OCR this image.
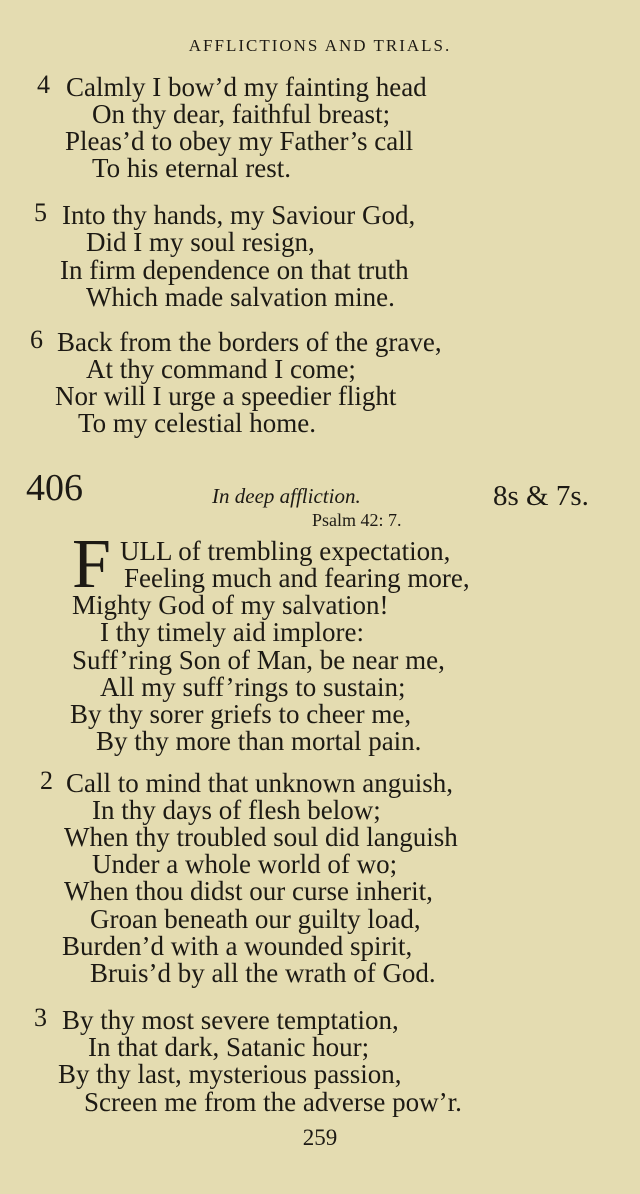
AFFLICTIONS AND TRIALS.
4 Calmly I bow’d my fainting head
On thy dear, faithful breast;
Pleas’d to obey my Father’s call
To his eternal rest.
5 Into thy hands, my Saviour God,
Did I my soul resign,
In firm dependence on that truth
Which made salvation mine.
6 Back from the borders of the grave,
At thy command I come;
Nor will I urge a speedier flight
To my celestial home.
406	In deep affliction.	8s & 7s.
Psalm 42: 7.
F ULL of trembling expectation,
Feeling much and fearing more,
Mighty God of my salvation!
I thy timely aid implore:
Suff’ring Son of Man, be near me,
All my suff’rings to sustain;
By thy sorer griefs to cheer me,
By thy more than mortal pain.
2 Call to mind that unknown anguish,
In thy days of flesh below;
When thy troubled soul did languish
Under a whole world of wo;
When thou didst our curse inherit,
Groan beneath our guilty load,
Burden’d with a wounded spirit,
Bruis’d by all the wrath of God.
3 By thy most severe temptation,
In that dark, Satanic hour;
By thy last, mysterious passion,
Screen me from the adverse pow’r.
259
